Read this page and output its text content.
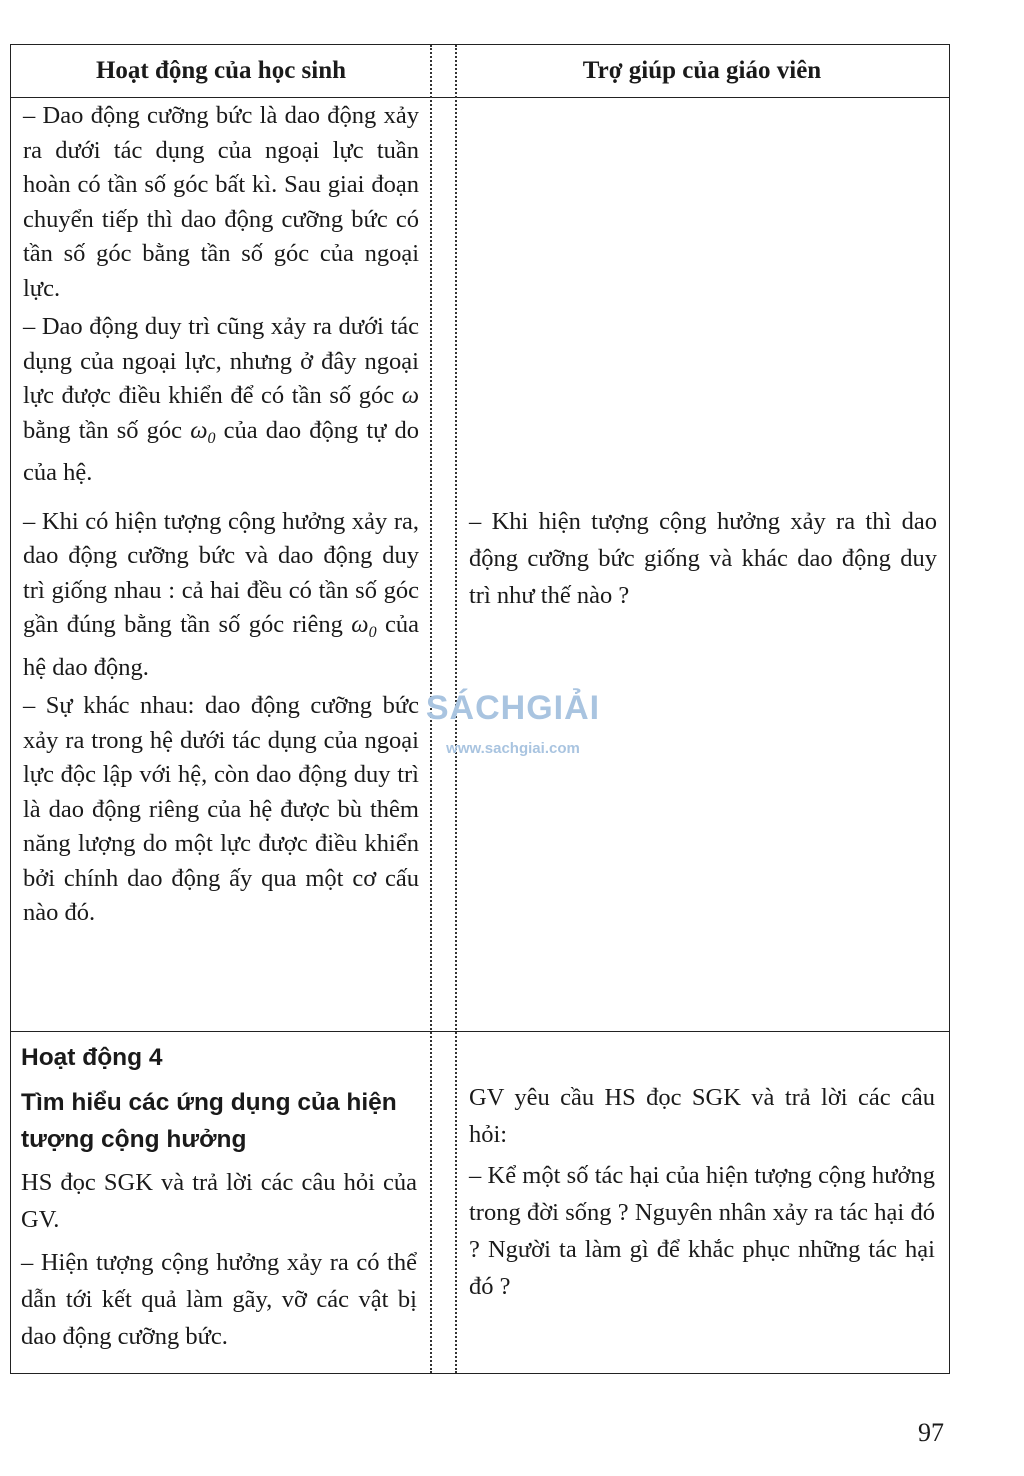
Hoạt động của học sinh	Trợ giúp của giáo viên

– Dao động cưỡng bức là dao động xảy ra dưới tác dụng của ngoại lực tuần hoàn có tần số góc bất kì. Sau giai đoạn chuyển tiếp thì dao động cưỡng bức có tần số góc bằng tần số góc của ngoại lực.

– Dao động duy trì cũng xảy ra dưới tác dụng của ngoại lực, nhưng ở đây ngoại lực được điều khiển để có tần số góc ω bằng tần số góc $\omega_0$ của dao động tự do của hệ.

– Khi có hiện tượng cộng hưởng xảy ra, dao động cưỡng bức và dao động duy trì giống nhau : cả hai đều có tần số góc gần đúng bằng tần số góc riêng $\omega_0$ của hệ dao động.

– Sự khác nhau: dao động cưỡng bức xảy ra trong hệ dưới tác dụng của ngoại lực độc lập với hệ, còn dao động duy trì là dao động riêng của hệ được bù thêm năng lượng do một lực được điều khiển bởi chính dao động ấy qua một cơ cấu nào đó.

– Khi hiện tượng cộng hưởng xảy ra thì dao động cưỡng bức giống và khác dao động duy trì như thế nào ?

Hoạt động 4

Tìm hiểu các ứng dụng của hiện tượng cộng hưởng

HS đọc SGK và trả lời các câu hỏi của GV.

– Hiện tượng cộng hưởng xảy ra có thể dẫn tới kết quả làm gãy, vỡ các vật bị dao động cưỡng bức.

GV yêu cầu HS đọc SGK và trả lời các câu hỏi:

– Kể một số tác hại của hiện tượng cộng hưởng trong đời sống ? Nguyên nhân xảy ra tác hại đó ? Người ta làm gì để khắc phục những tác hại đó ?

SÁCHGIẢI
www.sachgiai.com
97
